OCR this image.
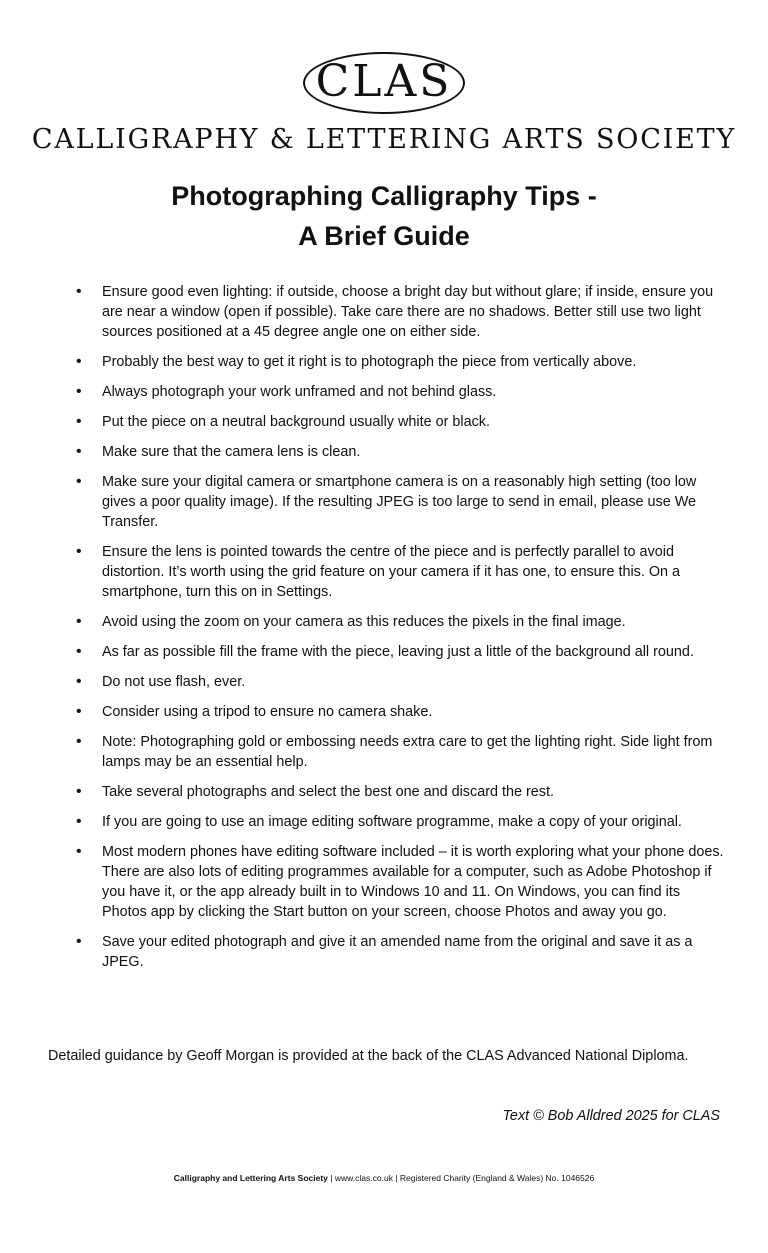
CLAS
CALLIGRAPHY & LETTERING ARTS SOCIETY
Photographing Calligraphy Tips -
A Brief Guide
• Ensure good even lighting: if outside, choose a bright day but without glare; if inside, ensure you are near a window (open if possible). Take care there are no shadows. Better still use two light sources positioned at a 45 degree angle one on either side.
• Probably the best way to get it right is to photograph the piece from vertically above.
• Always photograph your work unframed and not behind glass.
• Put the piece on a neutral background usually white or black.
• Make sure that the camera lens is clean.
• Make sure your digital camera or smartphone camera is on a reasonably high setting (too low gives a poor quality image). If the resulting JPEG is too large to send in email, please use We Transfer.
• Ensure the lens is pointed towards the centre of the piece and is perfectly parallel to avoid distortion. It’s worth using the grid feature on your camera if it has one, to ensure this. On a smartphone, turn this on in Settings.
• Avoid using the zoom on your camera as this reduces the pixels in the final image.
• As far as possible fill the frame with the piece, leaving just a little of the background all round.
• Do not use flash, ever.
• Consider using a tripod to ensure no camera shake.
• Note: Photographing gold or embossing needs extra care to get the lighting right. Side light from lamps may be an essential help.
• Take several photographs and select the best one and discard the rest.
• If you are going to use an image editing software programme, make a copy of your original.
• Most modern phones have editing software included – it is worth exploring what your phone does. There are also lots of editing programmes available for a computer, such as Adobe Photoshop if you have it, or the app already built in to Windows 10 and 11. On Windows, you can find its Photos app by clicking the Start button on your screen, choose Photos and away you go.
• Save your edited photograph and give it an amended name from the original and save it as a JPEG.
Detailed guidance by Geoff Morgan is provided at the back of the CLAS Advanced National Diploma.
Text © Bob Alldred 2025 for CLAS
Calligraphy and Lettering Arts Society | www.clas.co.uk | Registered Charity (England & Wales) No. 1046526
